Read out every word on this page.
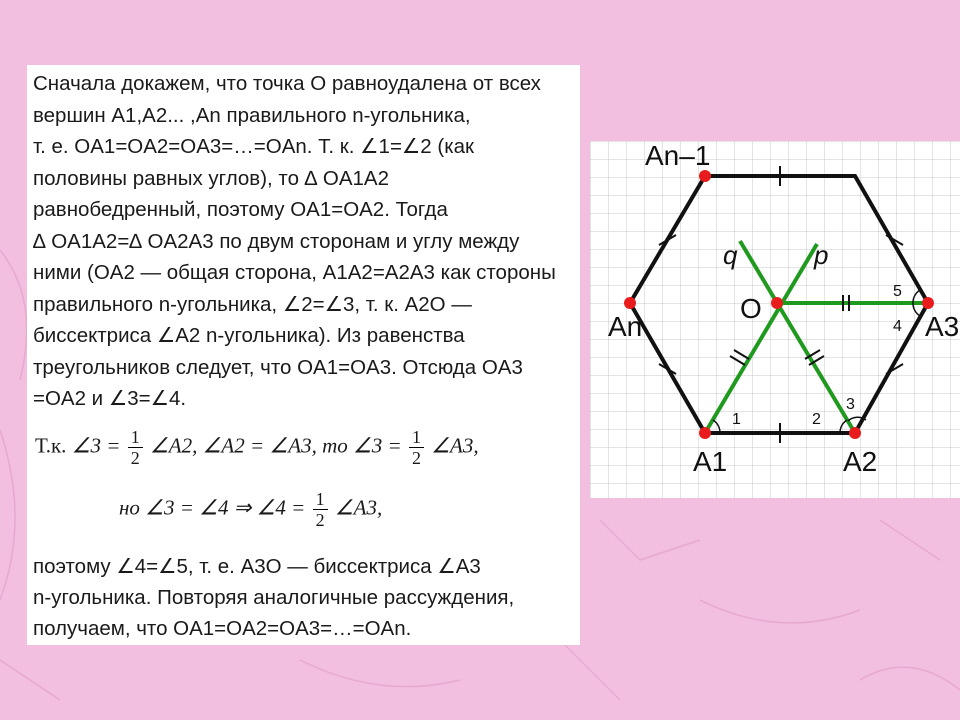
Сначала докажем, что точка O равноудалена от всех

вершин A1,A2... ,An правильного n-угольника,

т. е. OA1=OA2=OA3=…=OAn. Т. к. ∠1=∠2 (как

половины равных углов), то ∆ OA1A2

равнобедренный, поэтому OA1=OA2. Тогда

∆ OA1A2=∆ OA2A3 по двум сторонам и углу между

ними (OA2 — общая сторона, A1A2=A2A3 как стороны

правильного n-угольника, ∠2=∠3, т. к. A2O —

биссектриса ∠A2 n-угольника). Из равенства

треугольников следует, что OA1=OA3. Отсюда OA3

=OA2 и ∠3=∠4.

Т.к. ∠3 = $\frac{1}{2}$ ∠A2, ∠A2 = ∠A3, то ∠3 = $\frac{1}{2}$ ∠A3,
но ∠3 = ∠4 ⇒ ∠4 = $\frac{1}{2}$ ∠A3,

поэтому ∠4=∠5, т. е. A3O — биссектриса ∠A3

n-угольника. Повторяя аналогичные рассуждения,

получаем, что OA1=OA2=OA3=…=OAn.

An–1
An	A3
A1	A2
O
q	p
1	2
3
4
5
